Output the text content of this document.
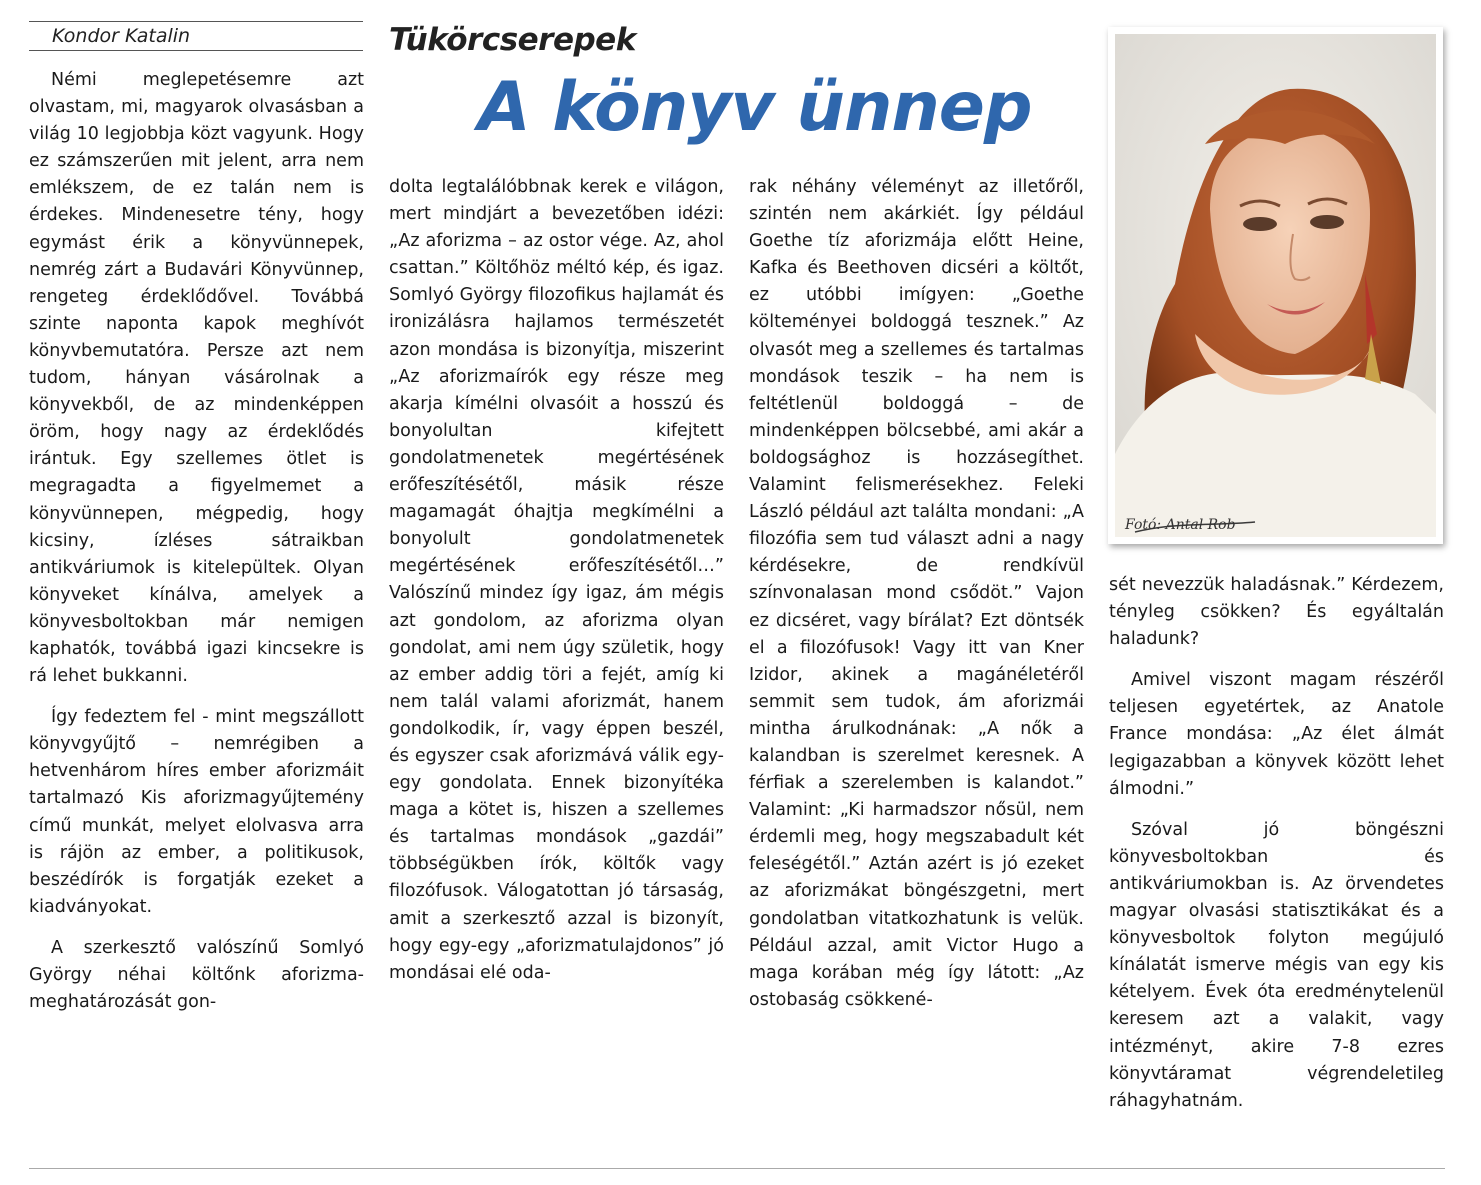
Kondor Katalin	Tükörcserepek
A könyv ünnep

Némi meglepetésemre azt olvastam, mi, magyarok olvasásban a világ 10 legjobbja közt vagyunk. Hogy ez számszerűen mit jelent, arra nem emlékszem, de ez talán nem is érdekes. Mindenesetre tény, hogy egymást érik a könyvünnepek, nemrég zárt a Budavári Könyvünnep, rengeteg érdeklődővel. Továbbá szinte naponta kapok meghívót könyvbemutatóra. Persze azt nem tudom, hányan vásárolnak a könyvekből, de az mindenképpen öröm, hogy nagy az érdeklődés irántuk. Egy szellemes ötlet is megragadta a figyelmemet a könyvünnepen, mégpedig, hogy kicsiny, ízléses sátraikban antikváriumok is kitelepültek. Olyan könyveket kínálva, amelyek a könyvesboltokban már nemigen kaphatók, továbbá igazi kincsekre is rá lehet bukkanni.

Így fedeztem fel - mint megszállott könyvgyűjtő – nemrégiben a hetvenhárom híres ember aforizmáit tartalmazó Kis aforizmagyűjtemény című munkát, melyet elolvasva arra is rájön az ember, a politikusok, beszédírók is forgatják ezeket a kiadványokat.

A szerkesztő valószínű Somlyó György néhai költőnk aforizma-meghatározását gon-

dolta legtalálóbbnak kerek e világon, mert mindjárt a bevezetőben idézi: „Az aforizma – az ostor vége. Az, ahol csattan.” Költőhöz méltó kép, és igaz. Somlyó György filozofikus hajlamát és ironizálásra hajlamos természetét azon mondása is bizonyítja, miszerint „Az aforizmaírók egy része meg akarja kímélni olvasóit a hosszú és bonyolultan kifejtett gondolatmenetek megértésének erőfeszítésétől, másik része magamagát óhajtja megkímélni a bonyolult gondolatmenetek megértésének erőfeszítésétől…” Valószínű mindez így igaz, ám mégis azt gondolom, az aforizma olyan gondolat, ami nem úgy születik, hogy az ember addig töri a fejét, amíg ki nem talál valami aforizmát, hanem gondolkodik, ír, vagy éppen beszél, és egyszer csak aforizmává válik egy-egy gondolata. Ennek bizonyítéka maga a kötet is, hiszen a szellemes és tartalmas mondások „gazdái” többségükben írók, költők vagy filozófusok. Válogatottan jó társaság, amit a szerkesztő azzal is bizonyít, hogy egy-egy „aforizmatulajdonos” jó mondásai elé oda-

rak néhány véleményt az illetőről, szintén nem akárkiét. Így például Goethe tíz aforizmája előtt Heine, Kafka és Beethoven dicséri a költőt, ez utóbbi imígyen: „Goethe költeményei boldoggá tesznek.” Az olvasót meg a szellemes és tartalmas mondások teszik – ha nem is feltétlenül boldoggá – de mindenképpen bölcsebbé, ami akár a boldogsághoz is hozzásegíthet. Valamint felismerésekhez. Feleki László például azt találta mondani: „A filozófia sem tud választ adni a nagy kérdésekre, de rendkívül színvonalasan mond csődöt.” Vajon ez dicséret, vagy bírálat? Ezt döntsék el a filozófusok! Vagy itt van Kner Izidor, akinek a magánéletéről semmit sem tudok, ám aforizmái mintha árulkodnának: „A nők a kalandban is szerelmet keresnek. A férfiak a szerelemben is kalandot.” Valamint: „Ki harmadszor nősül, nem érdemli meg, hogy megszabadult két feleségétől.” Aztán azért is jó ezeket az aforizmákat böngészgetni, mert gondolatban vitatkozhatunk is velük. Például azzal, amit Victor Hugo a maga korában még így látott: „Az ostobaság csökkené-

Fotó: Antal Rob

sét nevezzük haladásnak.” Kérdezem, tényleg csökken? És egyáltalán haladunk?

Amivel viszont magam részéről teljesen egyetértek, az Anatole France mondása: „Az élet álmát legigazabban a könyvek között lehet álmodni.”

Szóval jó böngészni könyvesboltokban és antikváriumokban is. Az örvendetes magyar olvasási statisztikákat és a könyvesboltok folyton megújuló kínálatát ismerve mégis van egy kis kételyem. Évek óta eredménytelenül keresem azt a valakit, vagy intézményt, akire 7-8 ezres könyvtáramat végrendeletileg ráhagyhatnám.
